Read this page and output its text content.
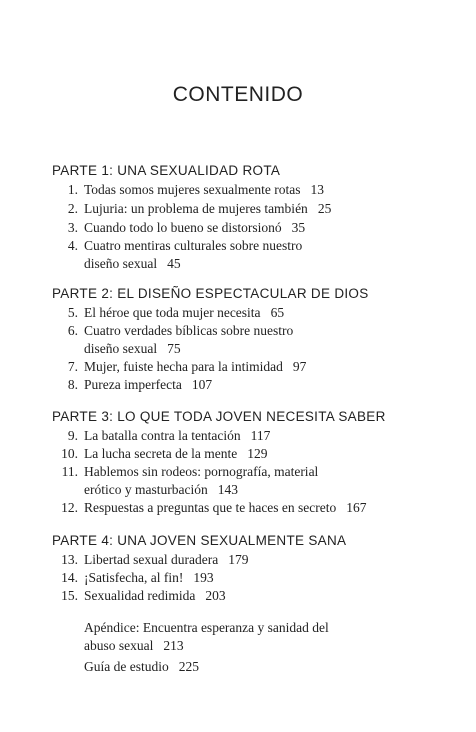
CONTENIDO
PARTE 1: UNA SEXUALIDAD ROTA
1. Todas somos mujeres sexualmente rotas 13
2. Lujuria: un problema de mujeres también 25
3. Cuando todo lo bueno se distorsionó 35
4. Cuatro mentiras culturales sobre nuestro
diseño sexual 45
PARTE 2: EL DISEÑO ESPECTACULAR DE DIOS
5. El héroe que toda mujer necesita 65
6. Cuatro verdades bíblicas sobre nuestro
diseño sexual 75
7. Mujer, fuiste hecha para la intimidad 97
8. Pureza imperfecta 107
PARTE 3: LO QUE TODA JOVEN NECESITA SABER
9. La batalla contra la tentación 117
10. La lucha secreta de la mente 129
11. Hablemos sin rodeos: pornografía, material
erótico y masturbación 143
12. Respuestas a preguntas que te haces en secreto 167
PARTE 4: UNA JOVEN SEXUALMENTE SANA
13. Libertad sexual duradera 179
14. ¡Satisfecha, al fin! 193
15. Sexualidad redimida 203
Apéndice: Encuentra esperanza y sanidad del
abuso sexual 213
Guía de estudio 225
